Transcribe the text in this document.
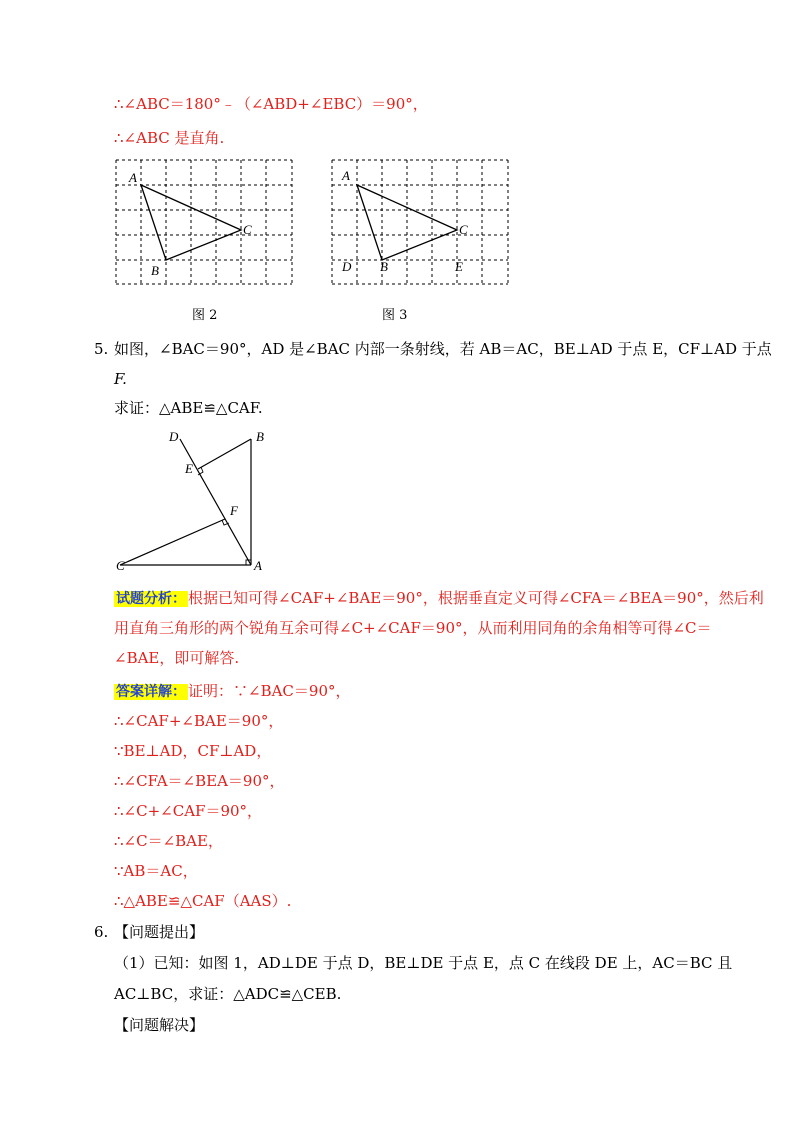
∴∠ABC＝180°﹣（∠ABD+∠EBC）＝90°，
∴∠ABC 是直角.
A
B
C
图 2
A
D B	E
C
图 3
5. 如图，∠BAC＝90°，AD 是∠BAC 内部一条射线，若 AB＝AC，BE⊥AD 于点 E，CF⊥AD 于点
F.
求证：△ABE≌△CAF.
D	B
E
F
C	A
试题分析： 根据已知可得∠CAF+∠BAE＝90°，根据垂直定义可得∠CFA＝∠BEA＝90°，然后利
用直角三角形的两个锐角互余可得∠C+∠CAF＝90°，从而利用同角的余角相等可得∠C＝
∠BAE，即可解答.
答案详解： 证明：∵∠BAC＝90°，
∴∠CAF+∠BAE＝90°，
∵BE⊥AD，CF⊥AD，
∴∠CFA＝∠BEA＝90°，
∴∠C+∠CAF＝90°，
∴∠C＝∠BAE，
∵AB＝AC，
∴△ABE≌△CAF（AAS）.
6. 【问题提出】
（1）已知：如图 1，AD⊥DE 于点 D，BE⊥DE 于点 E，点 C 在线段 DE 上，AC＝BC 且
AC⊥BC，求证：△ADC≌△CEB.
【问题解决】
